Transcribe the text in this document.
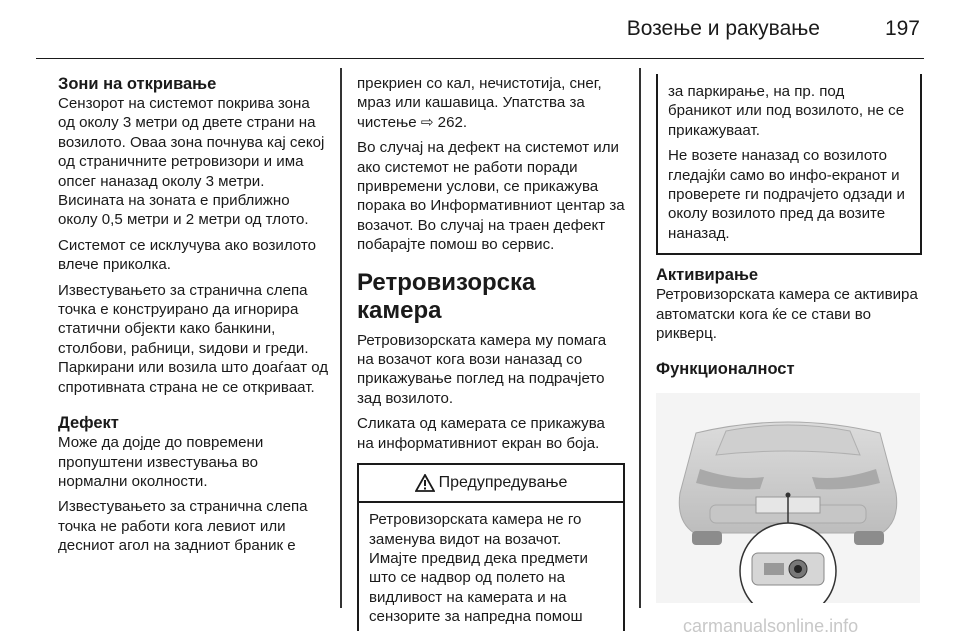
Возење и ракување	197
Зони на откривање

Сензорот на системот покрива зона од околу 3 метри од двете страни на возилото. Оваа зона почнува кај секој од страничните ретровизори и има опсег наназад околу 3 метри. Висината на зоната е приближно околу 0,5 метри и 2 метри од тлото.

Системот се исклучува ако возилото влече приколка.

Известувањето за странична слепа точка е конструирано да игнорира статични објекти како банкини, столбови, рабници, ѕидови и греди. Паркирани или возила што доаѓаат од спротивната страна не се откриваат.

Дефект

Може да дојде до повремени пропуштени известувања во нормални околности.

Известувањето за странична слепа точка не работи кога левиот или десниот агол на задниот браник е

прекриен со кал, нечистотија, снег, мраз или кашавица. Упатства за чистење ⇨ 262.

Во случај на дефект на системот или ако системот не работи поради привремени услови, се прикажува порака во Информативниот центар за возачот. Во случај на траен дефект побарајте помош во сервис.

Ретровизорска камера

Ретровизорската камера му помага на возачот кога вози наназад со прикажување поглед на подрачјето зад возилото.

Сликата од камерата се прикажува на информативниот екран во боја.

Предупредување
Ретровизорската камера не го заменува видот на возачот. Имајте предвид дека предмети што се надвор од полето на видливост на камерата и на сензорите за напредна помош

за паркирање, на пр. под браникот или под возилото, не се прикажуваат.

Не возете наназад со возилото гледајќи само во инфо-екранот и проверете ги подрачјето одзади и околу возилото пред да возите наназад.

Активирање

Ретровизорската камера се активира автоматски кога ќе се стави во рикверц.

Функционалност
carmanualsonline.info
